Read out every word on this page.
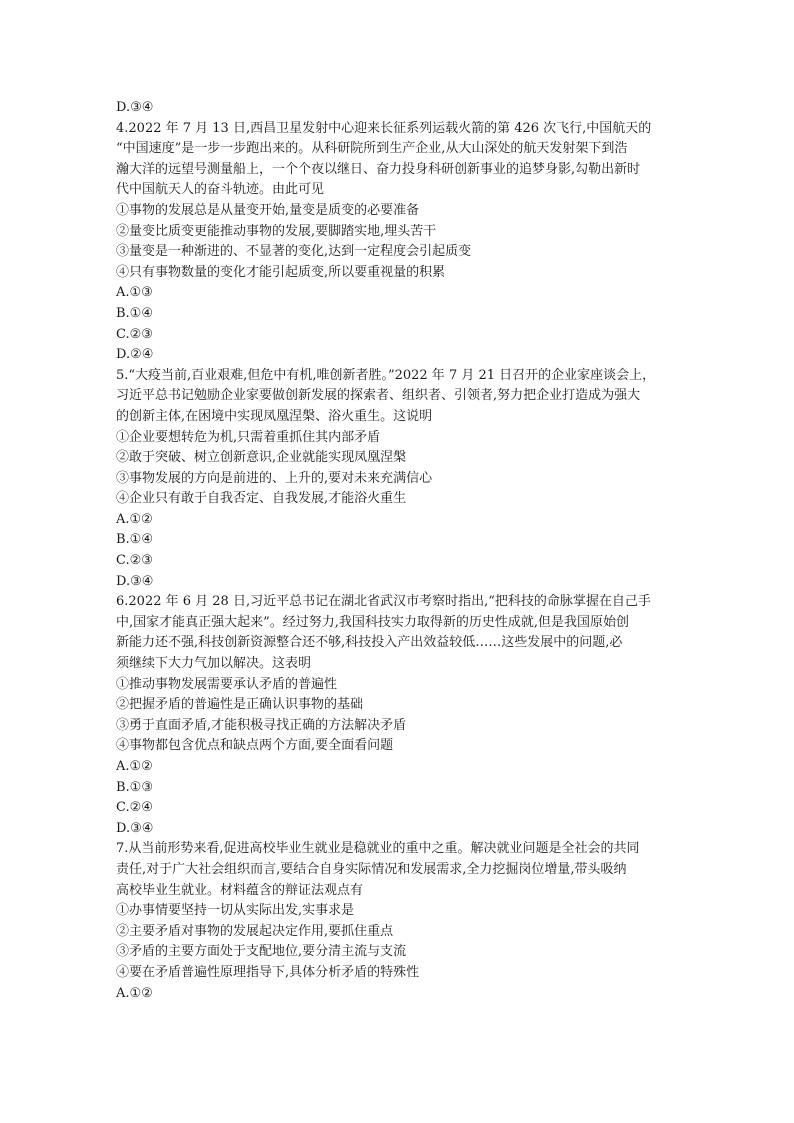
D.③④

4.2022 年 7 月 13 日,西昌卫星发射中心迎来长征系列运载火箭的第 426 次飞行,中国航天的

“中国速度”是一步一步跑出来的。从科研院所到生产企业,从大山深处的航天发射架下到浩

瀚大洋的远望号测量船上，一个个夜以继日、奋力投身科研创新事业的追梦身影,勾勒出新时

代中国航天人的奋斗轨迹。由此可见

①事物的发展总是从量变开始,量变是质变的必要准备

②量变比质变更能推动事物的发展,要脚踏实地,埋头苦干

③量变是一种渐进的、不显著的变化,达到一定程度会引起质变

④只有事物数量的变化才能引起质变,所以要重视量的积累

A.①③

B.①④

C.②③

D.②④

5.“大疫当前,百业艰难,但危中有机,唯创新者胜。”2022 年 7 月 21 日召开的企业家座谈会上，

习近平总书记勉励企业家要做创新发展的探索者、组织者、引领者,努力把企业打造成为强大

的创新主体,在困境中实现凤凰涅槃、浴火重生。这说明

①企业要想转危为机,只需着重抓住其内部矛盾

②敢于突破、树立创新意识,企业就能实现凤凰涅槃

③事物发展的方向是前进的、上升的,要对未来充满信心

④企业只有敢于自我否定、自我发展,才能浴火重生

A.①②

B.①④

C.②③

D.③④

6.2022 年 6 月 28 日,习近平总书记在湖北省武汉市考察时指出,“把科技的命脉掌握在自己手

中,国家才能真正强大起来”。经过努力,我国科技实力取得新的历史性成就,但是我国原始创

新能力还不强,科技创新资源整合还不够,科技投入产出效益较低……这些发展中的问题,必

须继续下大力气加以解决。这表明

①推动事物发展需要承认矛盾的普遍性

②把握矛盾的普遍性是正确认识事物的基础

③勇于直面矛盾,才能积极寻找正确的方法解决矛盾

④事物都包含优点和缺点两个方面,要全面看问题

A.①②

B.①③

C.②④

D.③④

7.从当前形势来看,促进高校毕业生就业是稳就业的重中之重。解决就业问题是全社会的共同

责任,对于广大社会组织而言,要结合自身实际情况和发展需求,全力挖掘岗位增量,带头吸纳

高校毕业生就业。材料蕴含的辩证法观点有

①办事情要坚持一切从实际出发,实事求是

②主要矛盾对事物的发展起决定作用,要抓住重点

③矛盾的主要方面处于支配地位,要分清主流与支流

④要在矛盾普遍性原理指导下,具体分析矛盾的特殊性

A.①②
